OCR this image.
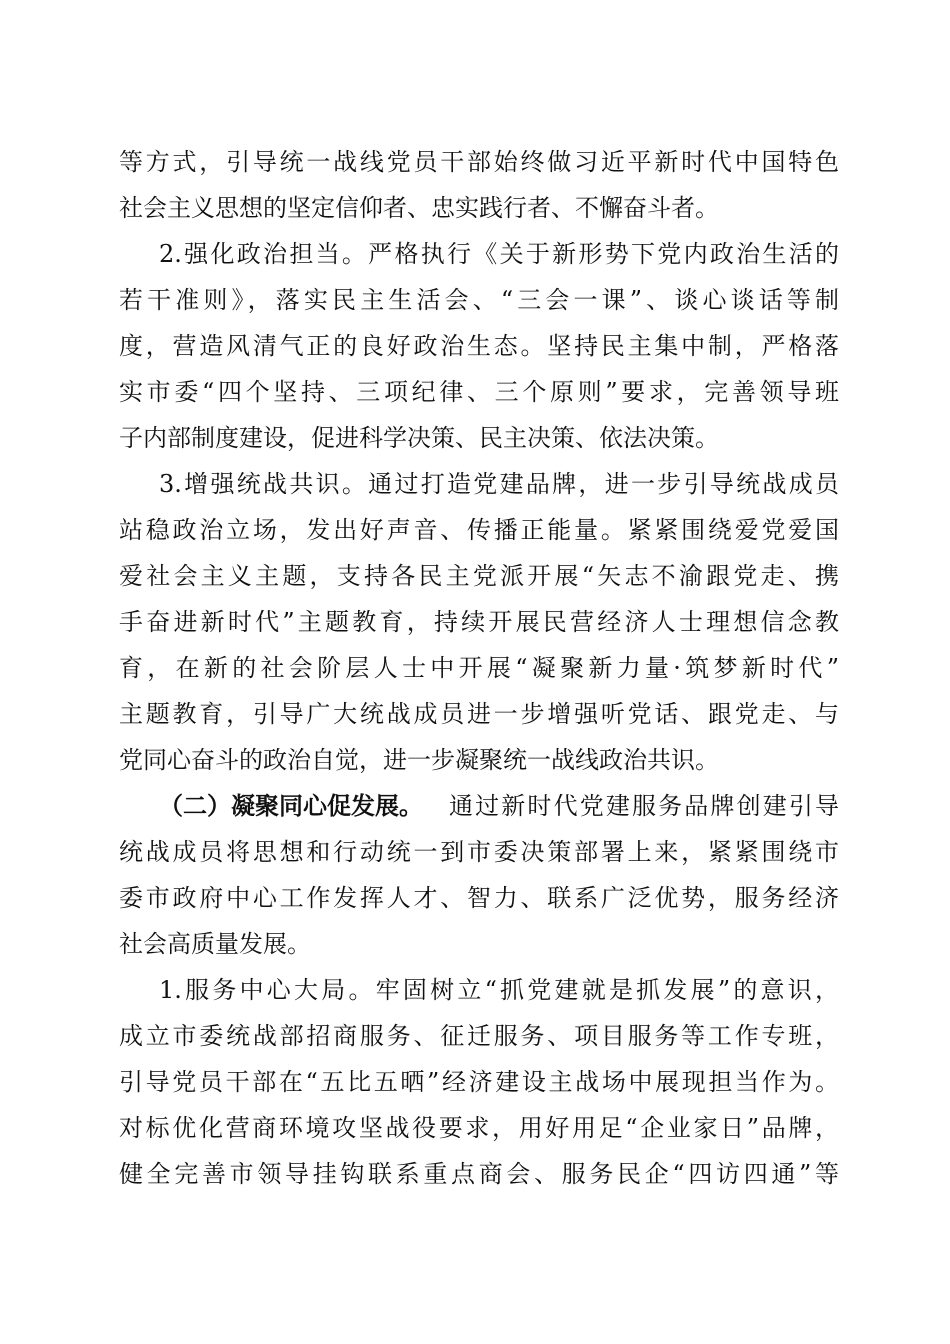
等方式，引导统一战线党员干部始终做习近平新时代中国特色
社会主义思想的坚定信仰者、忠实践行者、不懈奋斗者。
2.强化政治担当。严格执行《关于新形势下党内政治生活的
若干准则》，落实民主生活会、“三会一课”、谈心谈话等制
度，营造风清气正的良好政治生态。坚持民主集中制，严格落
实市委“四个坚持、三项纪律、三个原则”要求，完善领导班
子内部制度建设，促进科学决策、民主决策、依法决策。
3.增强统战共识。通过打造党建品牌，进一步引导统战成员
站稳政治立场，发出好声音、传播正能量。紧紧围绕爱党爱国
爱社会主义主题，支持各民主党派开展“矢志不渝跟党走、携
手奋进新时代”主题教育，持续开展民营经济人士理想信念教
育，在新的社会阶层人士中开展“凝聚新力量·筑梦新时代”
主题教育，引导广大统战成员进一步增强听党话、跟党走、与
党同心奋斗的政治自觉，进一步凝聚统一战线政治共识。
（二）凝聚同心促发展。	通过新时代党建服务品牌创建引导
统战成员将思想和行动统一到市委决策部署上来，紧紧围绕市
委市政府中心工作发挥人才、智力、联系广泛优势，服务经济
社会高质量发展。
1.服务中心大局。牢固树立“抓党建就是抓发展”的意识，
成立市委统战部招商服务、征迁服务、项目服务等工作专班，
引导党员干部在“五比五晒”经济建设主战场中展现担当作为。
对标优化营商环境攻坚战役要求，用好用足“企业家日”品牌，
健全完善市领导挂钩联系重点商会、服务民企“四访四通”等
